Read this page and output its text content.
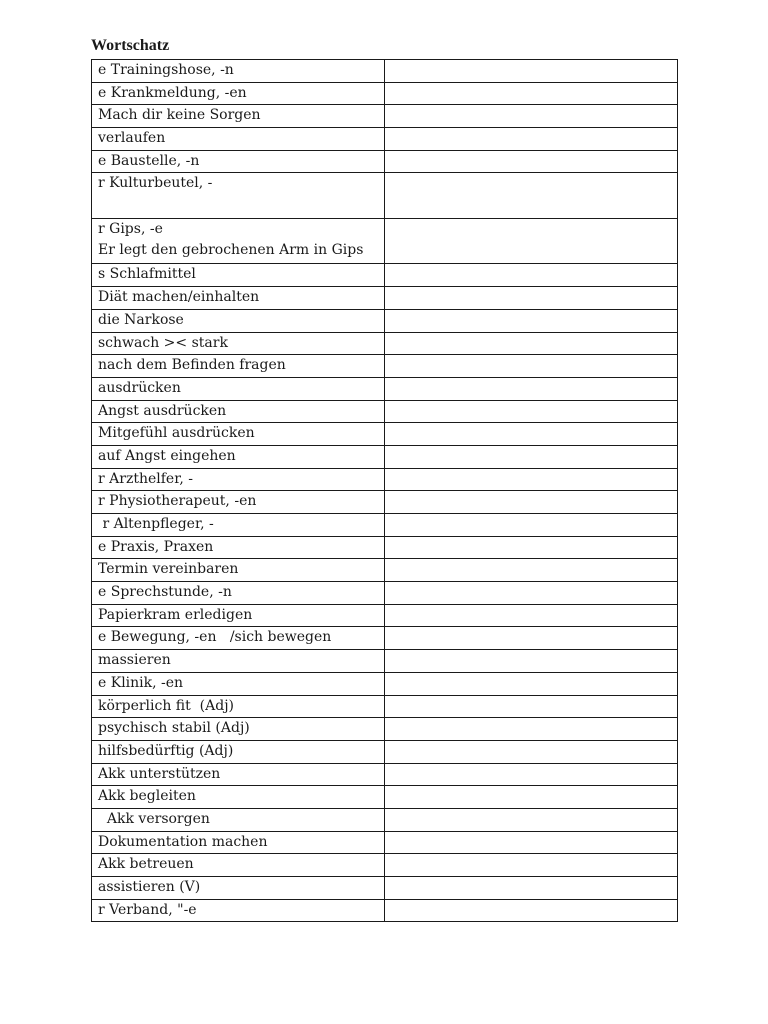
Wortschatz
e Trainingshose, -n	
e Krankmeldung, -en	
Mach dir keine Sorgen	
verlaufen	
e Baustelle, -n	
r Kulturbeutel, -	
r Gips, -e
Er legt den gebrochenen Arm in Gips	
s Schlafmittel	
Diät machen/einhalten	
die Narkose	
schwach >< stark	
nach dem Befinden fragen	
ausdrücken	
Angst ausdrücken	
Mitgefühl ausdrücken	
auf Angst eingehen	
r Arzthelfer, -	
r Physiotherapeut, -en	
r Altenpfleger, -	
e Praxis, Praxen	
Termin vereinbaren	
e Sprechstunde, -n	
Papierkram erledigen	
e Bewegung, -en   /sich bewegen	
massieren	
e Klinik, -en	
körperlich fit  (Adj)	
psychisch stabil (Adj)	
hilfsbedürftig (Adj)	
Akk unterstützen	
Akk begleiten	
Akk versorgen	
Dokumentation machen	
Akk betreuen	
assistieren (V)	
r Verband, "-e	
